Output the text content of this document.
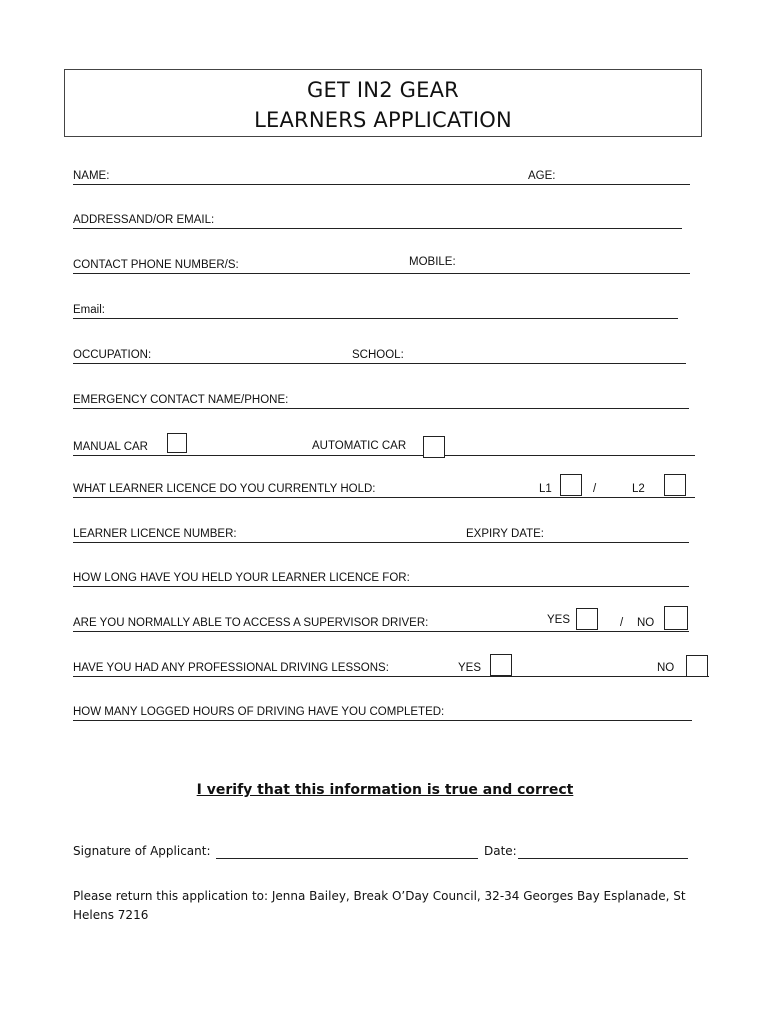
GET IN2 GEAR
LEARNERS APPLICATION
NAME:	AGE:
ADDRESSAND/OR EMAIL:
CONTACT PHONE NUMBER/S:	MOBILE:
Email:
OCCUPATION:	SCHOOL:
EMERGENCY CONTACT NAME/PHONE:
MANUAL CAR	AUTOMATIC CAR
WHAT LEARNER LICENCE DO YOU CURRENTLY HOLD:	L1	/	L2
LEARNER LICENCE NUMBER:	EXPIRY DATE:
HOW LONG HAVE YOU HELD YOUR LEARNER LICENCE FOR:
ARE YOU NORMALLY ABLE TO ACCESS A SUPERVISOR DRIVER:	YES	/ NO
HAVE YOU HAD ANY PROFESSIONAL DRIVING LESSONS:	YES	NO
HOW MANY LOGGED HOURS OF DRIVING HAVE YOU COMPLETED:
I verify that this information is true and correct
Signature of Applicant:	Date:
Please return this application to: Jenna Bailey, Break O’Day Council, 32-34 Georges Bay Esplanade, St Helens 7216
